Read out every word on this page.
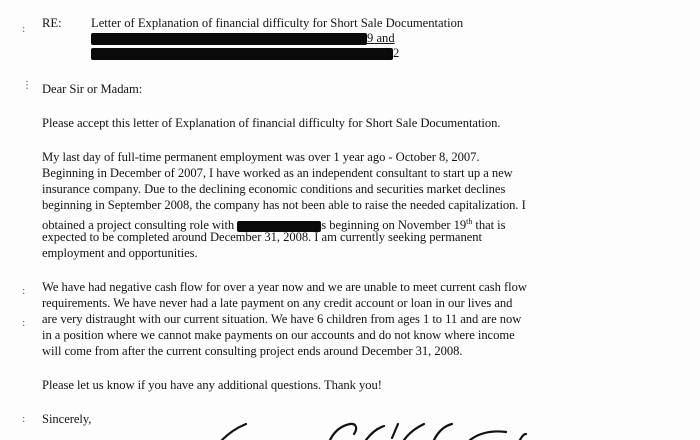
:
⋮
:
:
:
RE: Letter of Explanation of financial difficulty for Short Sale Documentation
9 and
2
Dear Sir or Madam:
Please accept this letter of Explanation of financial difficulty for Short Sale Documentation.
My last day of full-time permanent employment was over 1 year ago - October 8, 2007.
Beginning in December of 2007, I have worked as an independent consultant to start up a new
insurance company. Due to the declining economic conditions and securities market declines
beginning in September 2008, the company has not been able to raise the needed capitalization. I
obtained a project consulting role with	s beginning on November 19th that is
expected to be completed around December 31, 2008. I am currently seeking permanent
employment and opportunities.
We have had negative cash flow for over a year now and we are unable to meet current cash flow
requirements. We have never had a late payment on any credit account or loan in our lives and
are very distraught with our current situation. We have 6 children from ages 1 to 11 and are now
in a position where we cannot make payments on our accounts and do not know where income
will come from after the current consulting project ends around December 31, 2008.
Please let us know if you have any additional questions. Thank you!
Sincerely,
